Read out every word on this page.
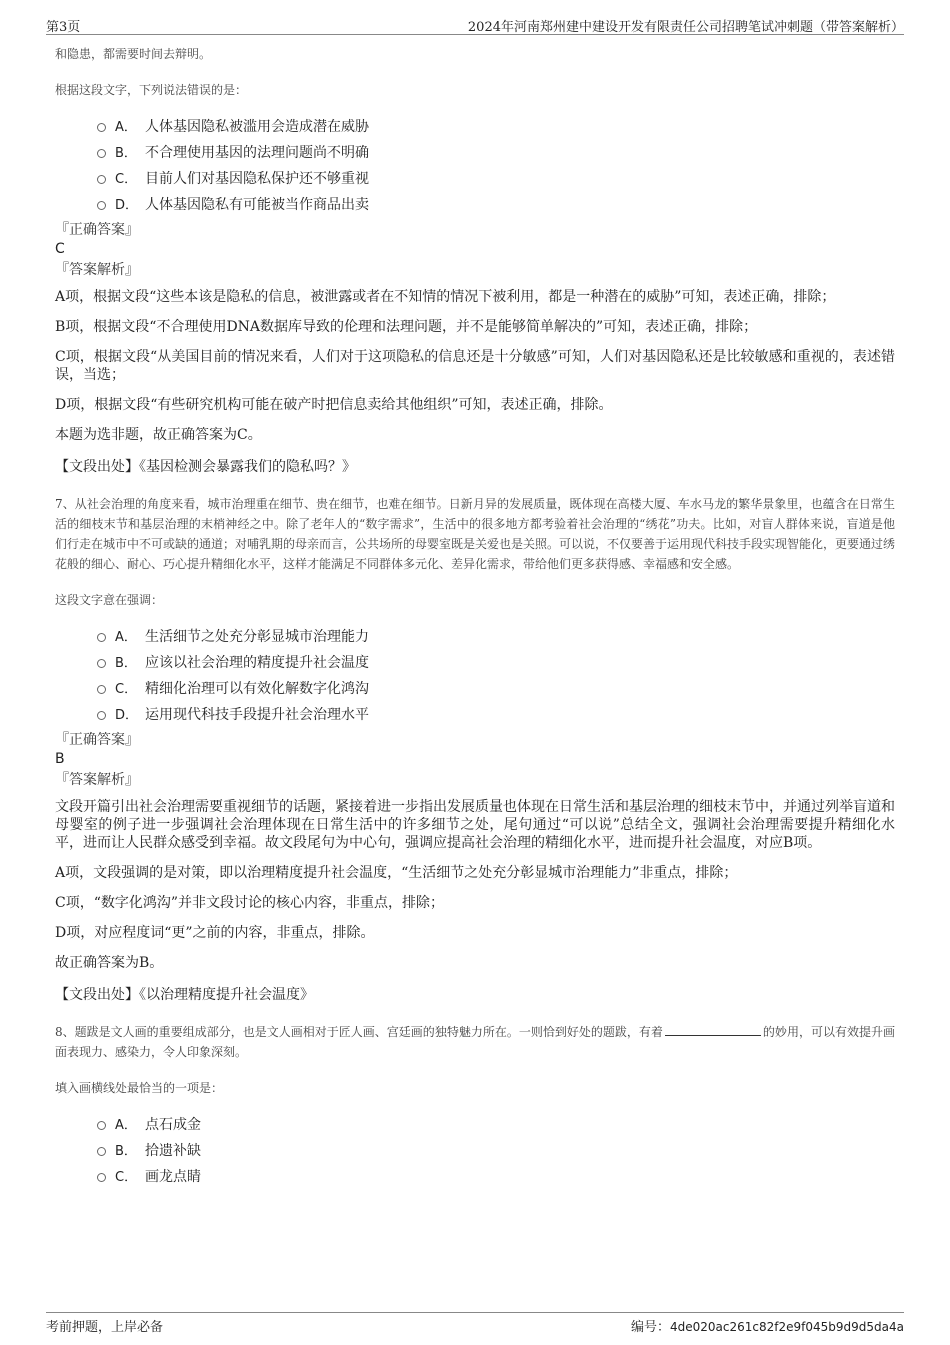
第3页	2024年河南郑州建中建设开发有限责任公司招聘笔试冲刺题（带答案解析）

和隐患，都需要时间去辩明。

根据这段文字，下列说法错误的是：

A． 人体基因隐私被滥用会造成潜在威胁
B． 不合理使用基因的法理问题尚不明确
C． 目前人们对基因隐私保护还不够重视
D． 人体基因隐私有可能被当作商品出卖

『正确答案』

C

『答案解析』

A项，根据文段“这些本该是隐私的信息，被泄露或者在不知情的情况下被利用，都是一种潜在的威胁”可知，表述正确，排除；

B项，根据文段“不合理使用DNA数据库导致的伦理和法理问题，并不是能够简单解决的”可知，表述正确，排除；

C项，根据文段“从美国目前的情况来看，人们对于这项隐私的信息还是十分敏感”可知，人们对基因隐私还是比较敏感和重视的，表述错误，当选；

D项，根据文段“有些研究机构可能在破产时把信息卖给其他组织”可知，表述正确，排除。

本题为选非题，故正确答案为C。

【文段出处】《基因检测会暴露我们的隐私吗？》

7、从社会治理的角度来看，城市治理重在细节、贵在细节，也难在细节。日新月异的发展质量，既体现在高楼大厦、车水马龙的繁华景象里，也蕴含在日常生活的细枝末节和基层治理的末梢神经之中。除了老年人的“数字需求”，生活中的很多地方都考验着社会治理的“绣花”功夫。比如，对盲人群体来说，盲道是他们行走在城市中不可或缺的通道；对哺乳期的母亲而言，公共场所的母婴室既是关爱也是关照。可以说，不仅要善于运用现代科技手段实现智能化，更要通过绣花般的细心、耐心、巧心提升精细化水平，这样才能满足不同群体多元化、差异化需求，带给他们更多获得感、幸福感和安全感。

这段文字意在强调：

A． 生活细节之处充分彰显城市治理能力
B． 应该以社会治理的精度提升社会温度
C． 精细化治理可以有效化解数字化鸿沟
D． 运用现代科技手段提升社会治理水平

『正确答案』

B

『答案解析』

文段开篇引出社会治理需要重视细节的话题，紧接着进一步指出发展质量也体现在日常生活和基层治理的细枝末节中，并通过列举盲道和母婴室的例子进一步强调社会治理体现在日常生活中的许多细节之处，尾句通过“可以说”总结全文，强调社会治理需要提升精细化水平，进而让人民群众感受到幸福。故文段尾句为中心句，强调应提高社会治理的精细化水平，进而提升社会温度，对应B项。

A项，文段强调的是对策，即以治理精度提升社会温度，“生活细节之处充分彰显城市治理能力”非重点，排除；

C项，“数字化鸿沟”并非文段讨论的核心内容，非重点，排除；

D项，对应程度词“更”之前的内容，非重点，排除。

故正确答案为B。

【文段出处】《以治理精度提升社会温度》

8、题跋是文人画的重要组成部分，也是文人画相对于匠人画、宫廷画的独特魅力所在。一则恰到好处的题跋，有着	的妙用，可以有效提升画面表现力、感染力，令人印象深刻。

填入画横线处最恰当的一项是：

A． 点石成金
B． 拾遗补缺
C． 画龙点睛
考前押题，上岸必备	编号：4de020ac261c82f2e9f045b9d9d5da4a
